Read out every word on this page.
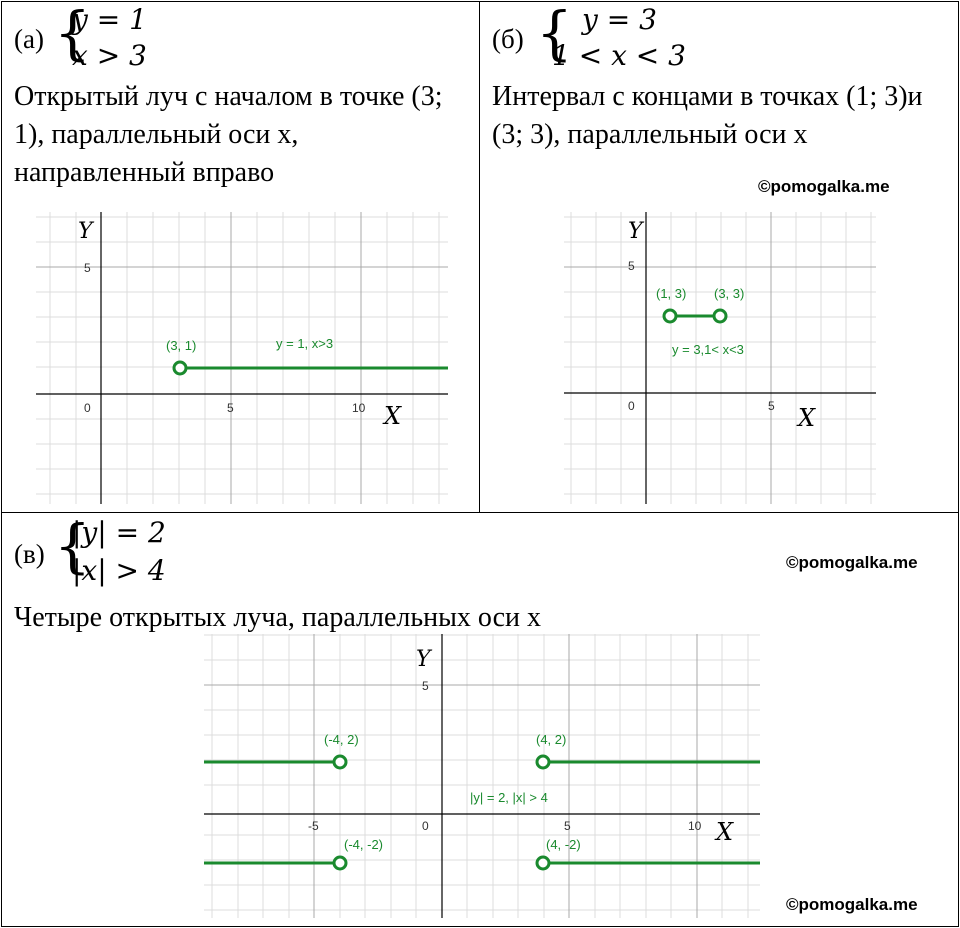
(a) {
y = 1
x > 3
Открытый луч с началом в точке (3; 1), параллельный оси x, направленный вправо
X
Y
5
0	5	10
(3, 1)	y = 1, x>3
(б) { y = 3
1 < x < 3
Интервал с концами в точках (1; 3)и (3; 3), параллельный оси x
©pomogalka.me
X
Y
5
0	5
(1, 3) (3, 3)
y = 3,1< x<3
(в) {
|y| = 2
|x| > 4	©pomogalka.me
Четыре открытых луча, параллельных оси x
©pomogalka.me
X
Y
5
0
-5	5	10
(-4, 2)	(4, 2)
(-4, -2)	(4, -2)
|y| = 2, |x| > 4
